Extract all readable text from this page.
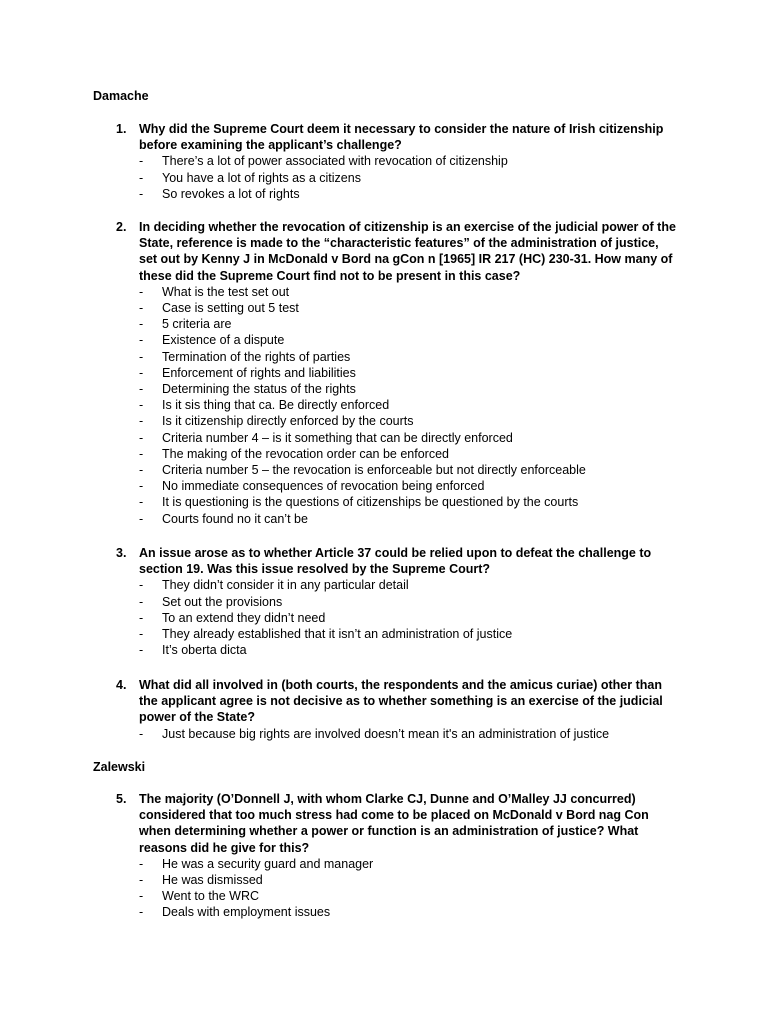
Damache
1. Why did the Supreme Court deem it necessary to consider the nature of Irish citizenship
before examining the applicant’s challenge?
- There’s a lot of power associated with revocation of citizenship
- You have a lot of rights as a citizens
- So revokes a lot of rights
2. In deciding whether the revocation of citizenship is an exercise of the judicial power of the
State, reference is made to the “characteristic features” of the administration of justice,
set out by Kenny J in McDonald v Bord na gCon n [1965] IR 217 (HC) 230-31. How many of
these did the Supreme Court find not to be present in this case?
- What is the test set out
- Case is setting out 5 test
- 5 criteria are
- Existence of a dispute
- Termination of the rights of parties
- Enforcement of rights and liabilities
- Determining the status of the rights
- Is it sis thing that ca. Be directly enforced
- Is it citizenship directly enforced by the courts
- Criteria number 4 – is it something that can be directly enforced
- The making of the revocation order can be enforced
- Criteria number 5 – the revocation is enforceable but not directly enforceable
- No immediate consequences of revocation being enforced
- It is questioning is the questions of citizenships be questioned by the courts
- Courts found no it can’t be
3. An issue arose as to whether Article 37 could be relied upon to defeat the challenge to
section 19. Was this issue resolved by the Supreme Court?
- They didn’t consider it in any particular detail
- Set out the provisions
- To an extend they didn’t need
- They already established that it isn’t an administration of justice
- It’s oberta dicta
4. What did all involved in (both courts, the respondents and the amicus curiae) other than
the applicant agree is not decisive as to whether something is an exercise of the judicial
power of the State?
- Just because big rights are involved doesn’t mean it's an administration of justice
Zalewski
5. The majority (O’Donnell J, with whom Clarke CJ, Dunne and O’Malley JJ concurred)
considered that too much stress had come to be placed on McDonald v Bord nag Con
when determining whether a power or function is an administration of justice? What
reasons did he give for this?
- He was a security guard and manager
- He was dismissed
- Went to the WRC
- Deals with employment issues
